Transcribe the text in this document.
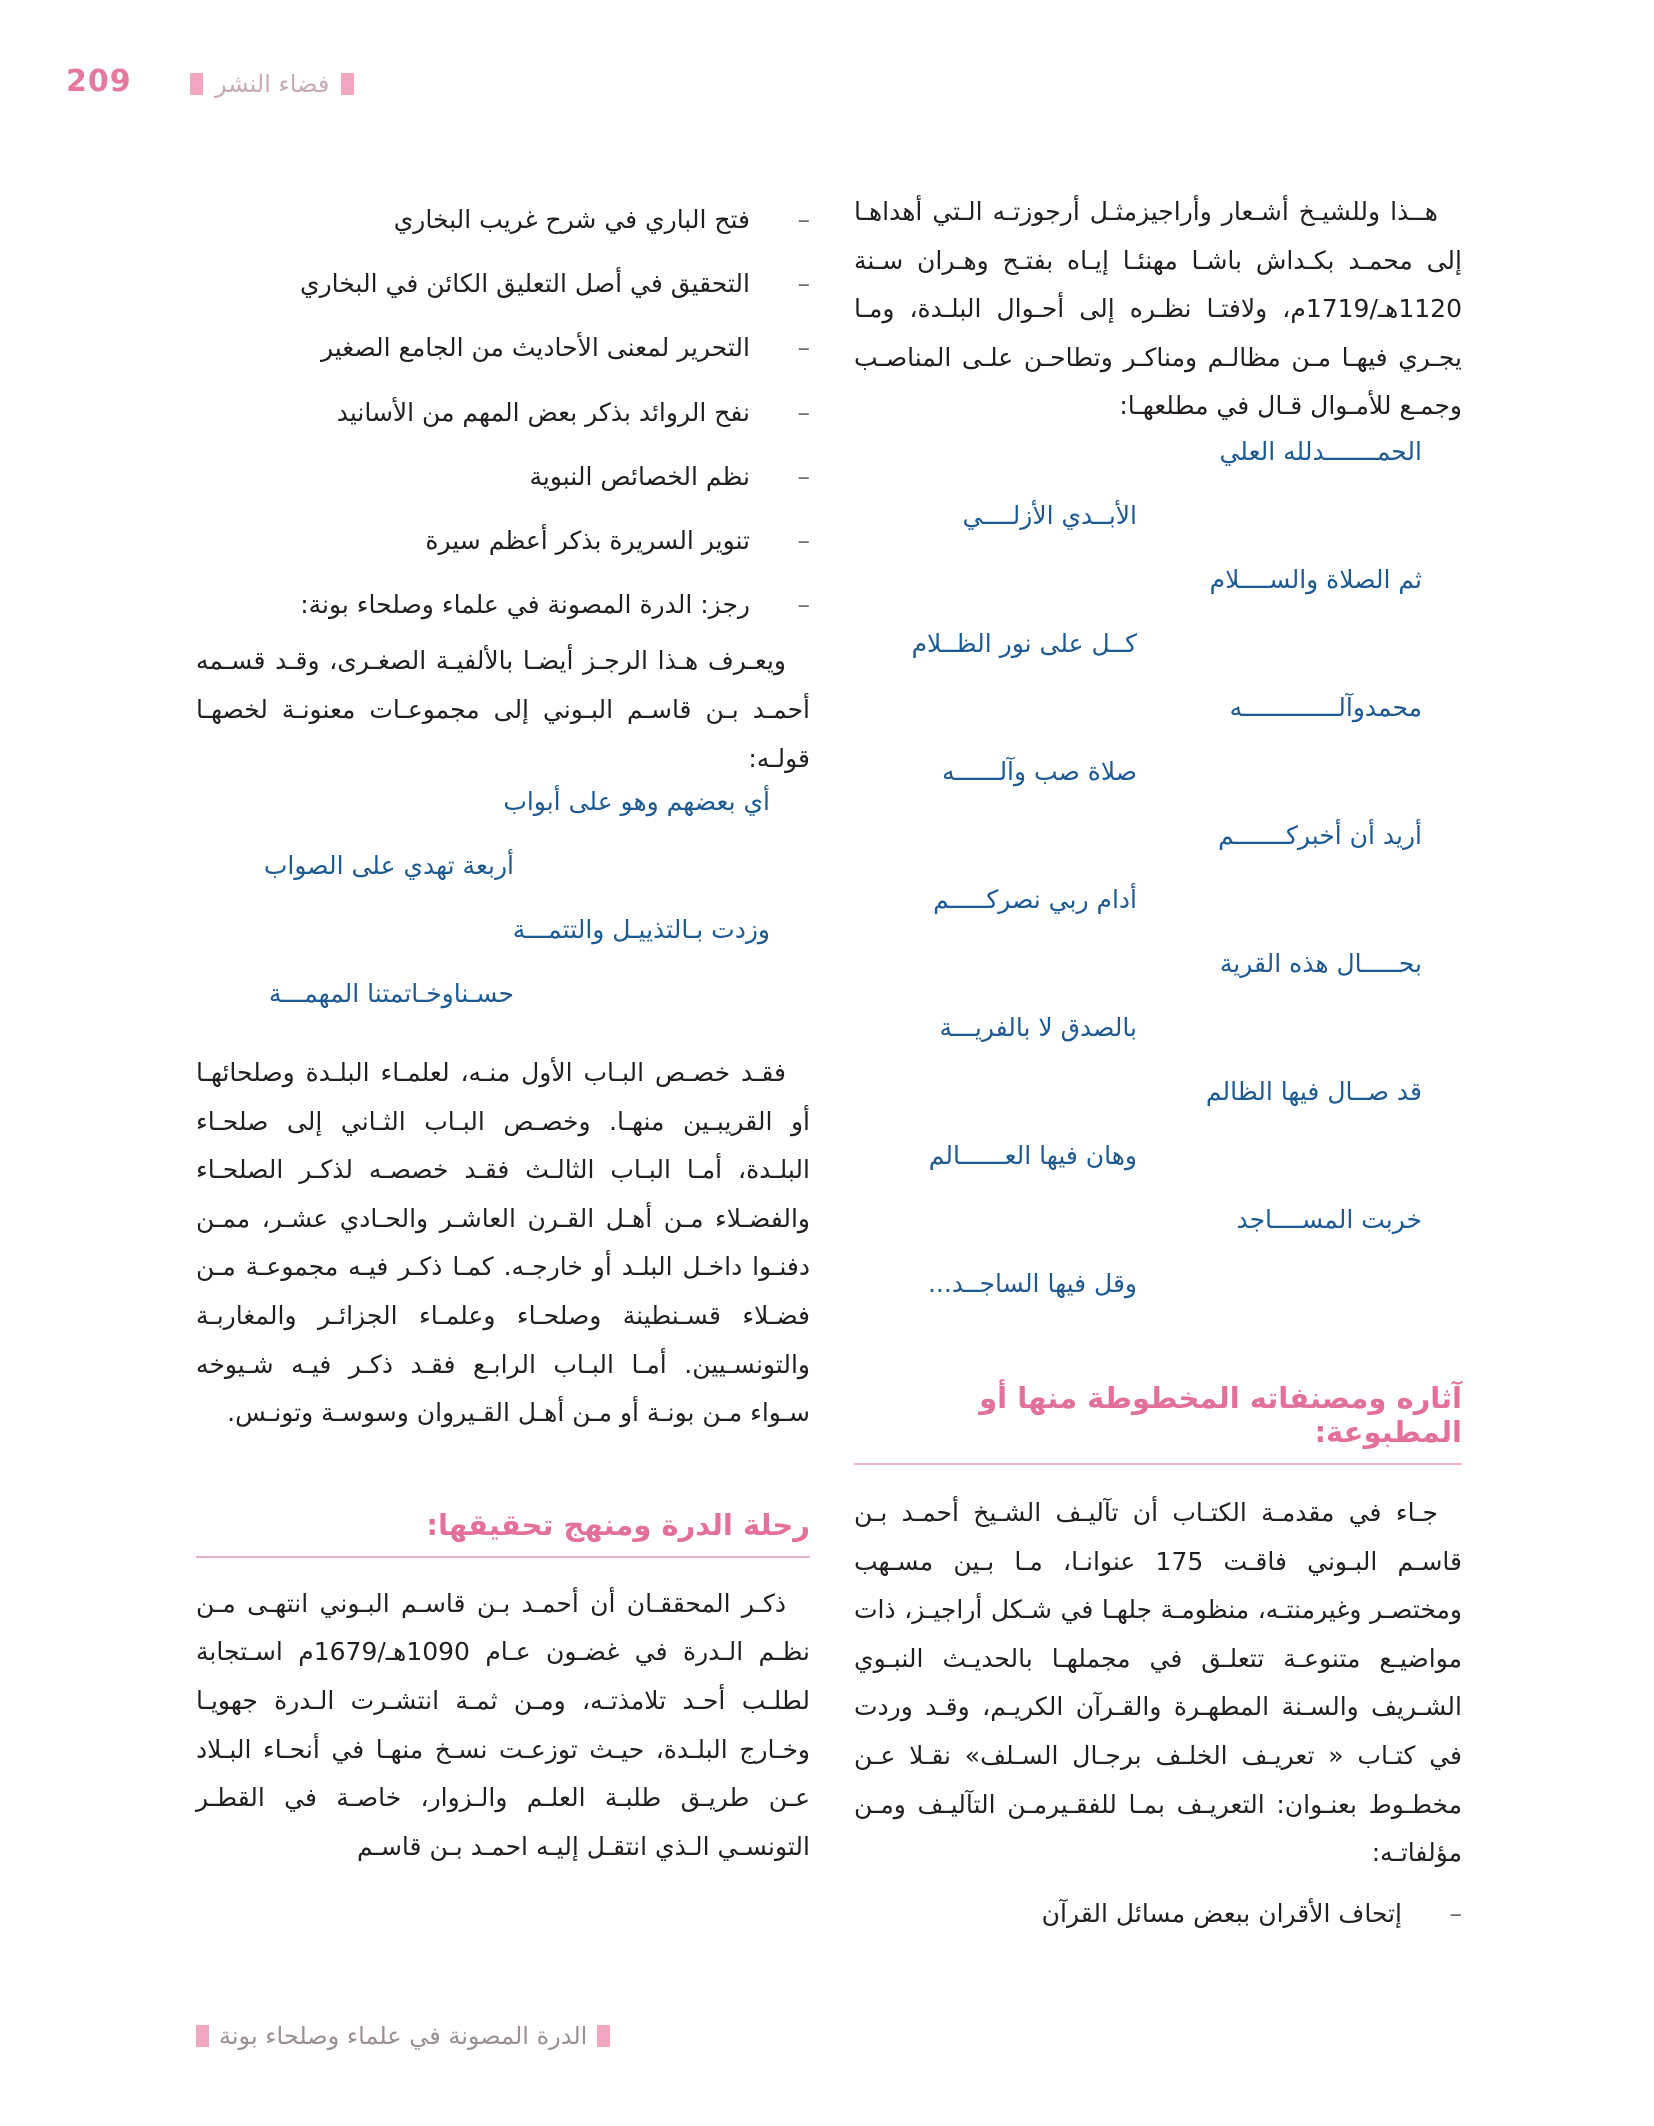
209	فضاء النشر

هــذا وللشيـخ أشـعار وأراجيزمثـل أرجوزتـه الـتي أهداهـا إلى محمـد بكـداش باشـا مهنئـا إيـاه بفتـح وهـران سـنة 1120هـ/1719م، ولافتـا نظـره إلى أحـوال البلـدة، ومـا يجـري فيهـا مـن مظالـم ومناكـر وتطاحـن علـى المناصـب وجمـع للأمـوال قـال في مطلعهـا:

الحمـــــــدلله العلي
الأبــدي الأزلــــي
ثم الصلاة والســــلام
كــل على نور الظــلام
محمدوآلـــــــــــــه
صلاة صب وآلــــــه
أريد أن أخبركـــــــم
أدام ربي نصركـــــم
بحـــــال هذه القرية
بالصدق لا بالفريـــة
قد صــال فيها الظالم
وهان فيها العــــــالم
خربت المســــاجد
وقل فيها الساجــد...
آثاره ومصنفاته المخطوطة منها أو المطبوعة:

جـاء في مقدمـة الكتـاب أن تآليـف الشـيخ أحمـد بـن قاسـم البـوني فاقـت 175 عنوانـا، مـا بـين مسـهب ومختصـر وغيرمنتـه، منظومـة جلهـا في شـكل أراجيـز، ذات مواضيـع متنوعـة تتعلـق في مجملهـا بالحديـث النبـوي الشـريف والسـنة المطهـرة والقـرآن الكريـم، وقـد وردت في كتـاب « تعريـف الخلـف برجـال السـلف» نقـلا عـن مخطـوط بعنـوان: التعريـف بمـا للفقـيرمـن التآليـف ومـن مؤلفاتـه:

–
إتحاف الأقران ببعض مسائل القرآن
–
فتح الباري في شرح غريب البخاري
–
التحقيق في أصل التعليق الكائن في البخاري
–
التحرير لمعنى الأحاديث من الجامع الصغير
–
نفح الروائد بذكر بعض المهم من الأسانيد
–
نظم الخصائص النبوية
–
تنوير السريرة بذكر أعظم سيرة
–
رجز: الدرة المصونة في علماء وصلحاء بونة:

ويعـرف هـذا الرجـز أيضـا بالألفيـة الصغـرى، وقـد قسـمه أحمـد بـن قاسـم البـوني إلى مجموعـات معنونـة لخصهـا قولـه:

أي بعضهم وهو على أبواب
أربعة تهدي على الصواب
وزدت بـالتذييـل والتتمـــة
حسـناوخـاتمتنا المهمـــة

فقـد خصـص البـاب الأول منـه، لعلمـاء البلـدة وصلحائهـا أو القريبـين منهـا. وخصـص البـاب الثـاني إلى صلحـاء البلـدة، أمـا البـاب الثالـث فقـد خصصـه لذكـر الصلحـاء والفضـلاء مـن أهـل القـرن العاشـر والحـادي عشـر، ممـن دفنـوا داخـل البلـد أو خارجـه. كمـا ذكـر فيـه مجموعـة مـن فضـلاء قسـنطينة وصلحـاء وعلمـاء الجزائـر والمغاربـة والتونسـيين. أمـا البـاب الرابـع فقـد ذكـر فيـه شـيوخه سـواء مـن بونـة أو مـن أهـل القـيروان وسوسـة وتونـس.

رحلة الدرة ومنهج تحقيقها:

ذكـر المحققـان أن أحمـد بـن قاسـم البـوني انتهـى مـن نظـم الـدرة في غضـون عـام 1090هـ/1679م اسـتجابة لطلـب أحـد تلامذتـه، ومـن ثمـة انتشـرت الـدرة جهويـا وخـارج البلـدة، حيـث توزعـت نسـخ منهـا في أنحـاء البـلاد عـن طريـق طلبـة العلـم والـزوار، خاصـة في القطـر التونسـي الـذي انتقـل إليـه احمـد بـن قاسـم

الدرة المصونة في علماء وصلحاء بونة
